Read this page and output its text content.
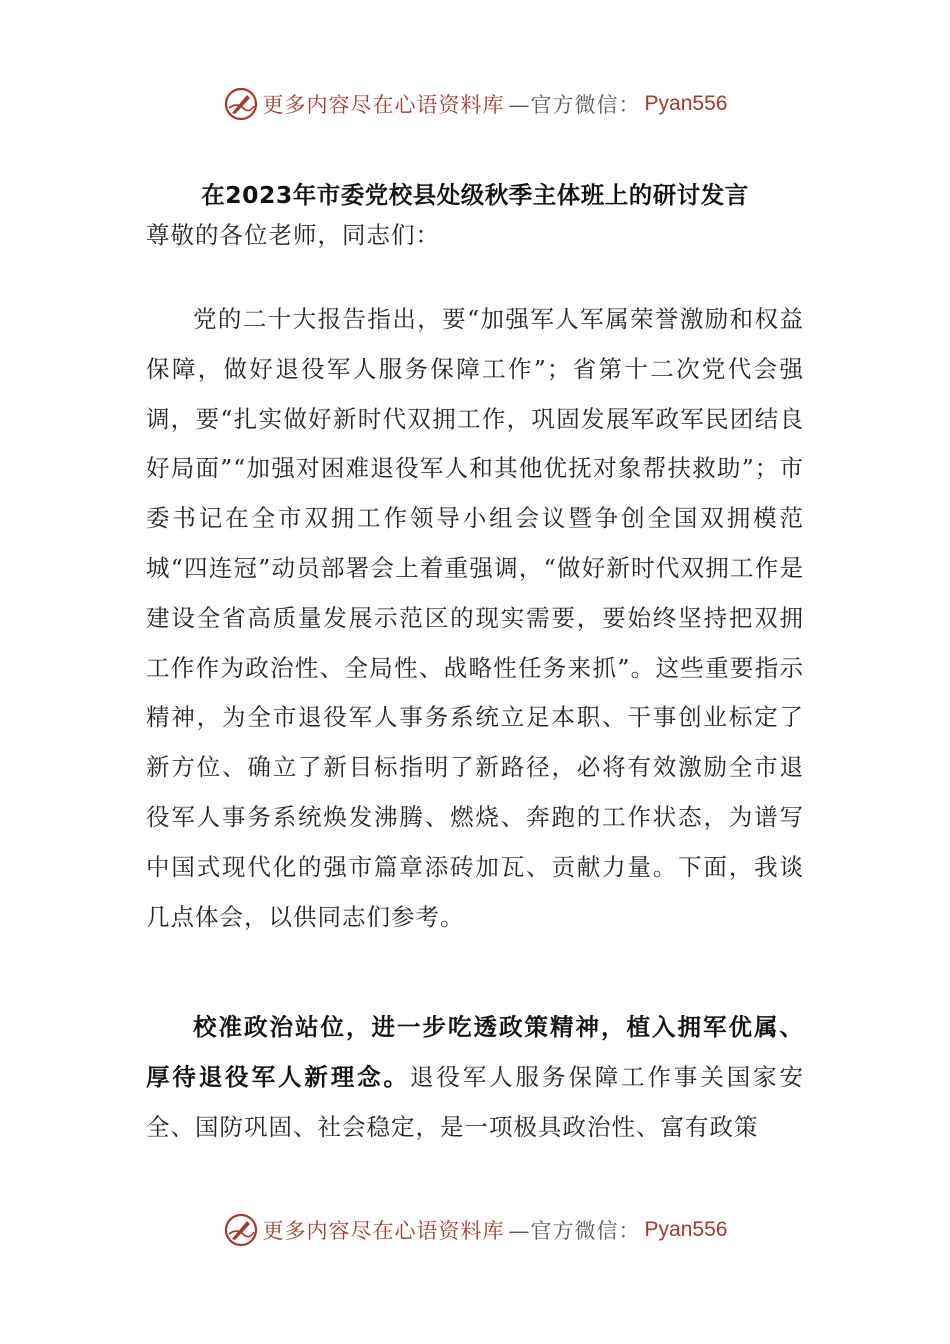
更多内容尽在心语资料库 —官方微信： Pyan556
在2023年市委党校县处级秋季主体班上的研讨发言

尊敬的各位老师，同志们：

党的二十大报告指出，要“加强军人军属荣誉激励和权益保障，做好退役军人服务保障工作”；省第十二次党代会强调，要“扎实做好新时代双拥工作，巩固发展军政军民团结良好局面”“加强对困难退役军人和其他优抚对象帮扶救助”；市委书记在全市双拥工作领导小组会议暨争创全国双拥模范城“四连冠”动员部署会上着重强调，“做好新时代双拥工作是建设全省高质量发展示范区的现实需要，要始终坚持把双拥工作作为政治性、全局性、战略性任务来抓”。这些重要指示精神，为全市退役军人事务系统立足本职、干事创业标定了新方位、确立了新目标指明了新路径，必将有效激励全市退役军人事务系统焕发沸腾、燃烧、奔跑的工作状态，为谱写中国式现代化的强市篇章添砖加瓦、贡献力量。下面，我谈几点体会，以供同志们参考。

校准政治站位，进一步吃透政策精神，植入拥军优属、厚待退役军人新理念。退役军人服务保障工作事关国家安全、国防巩固、社会稳定，是一项极具政治性、富有政策

更多内容尽在心语资料库 —官方微信： Pyan556
